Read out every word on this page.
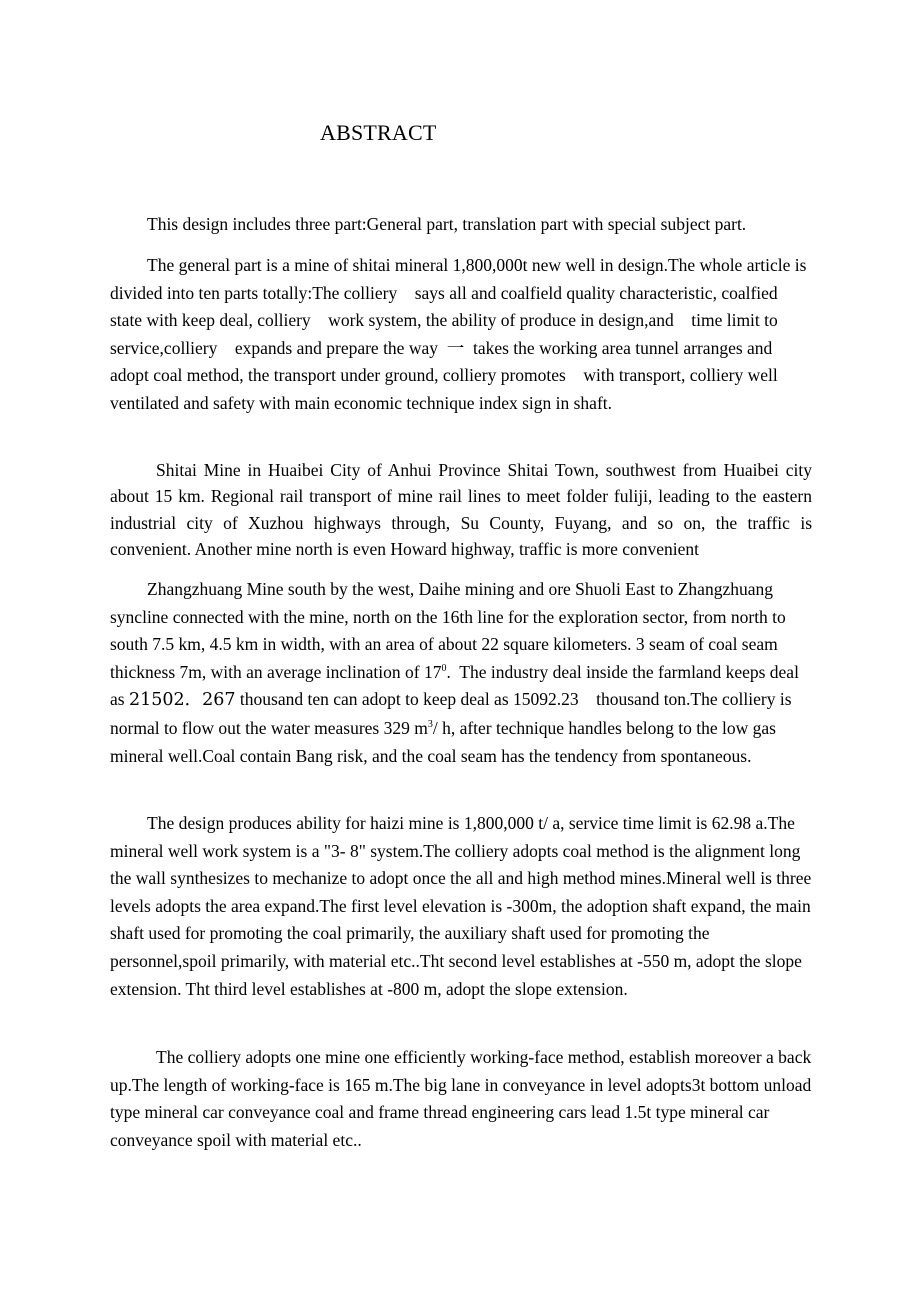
ABSTRACT

This design includes three part:General part, translation part with special subject part.

The general part is a mine of shitai mineral 1,800,000t new well in design.The whole article is divided into ten parts totally:The colliery    says all and coalfield quality characteristic, coalfied state with keep deal, colliery    work system, the ability of produce in design,and    time limit to service,colliery    expands and prepare the way  一  takes the working area tunnel arranges and adopt coal method, the transport under ground, colliery promotes    with transport, colliery well ventilated and safety with main economic technique index sign in shaft.

Shitai Mine in Huaibei City of Anhui Province Shitai Town, southwest from Huaibei city about 15 km. Regional rail transport of mine rail lines to meet folder fuliji, leading to the eastern industrial city of Xuzhou highways through, Su County, Fuyang, and so on, the traffic is convenient. Another mine north is even Howard highway, traffic is more convenient

Zhangzhuang Mine south by the west, Daihe mining and ore Shuoli East to Zhangzhuang syncline connected with the mine, north on the 16th line for the exploration sector, from north to south 7.5 km, 4.5 km in width, with an area of about 22 square kilometers. 3 seam of coal seam thickness 7m, with an average inclination of $17^0$.  The industry deal inside the farmland keeps deal as 21502．267 thousand ten can adopt to keep deal as 15092.23    thousand ton.The colliery is normal to flow out the water measures 329 $m^3/$ h, after technique handles belong to the low gas mineral well.Coal contain Bang risk, and the coal seam has the tendency from spontaneous.

The design produces ability for haizi mine is 1,800,000 t/ a, service time limit is 62.98 a.The mineral well work system is a "3- 8" system.The colliery adopts coal method is the alignment long the wall synthesizes to mechanize to adopt once the all and high method mines.Mineral well is three levels adopts the area expand.The first level elevation is -300m, the adoption shaft expand, the main shaft used for promoting the coal primarily, the auxiliary shaft used for promoting the personnel,spoil primarily, with material etc..Tht second level establishes at -550 m, adopt the slope extension. Tht third level establishes at -800 m, adopt the slope extension.

The colliery adopts one mine one efficiently working-face method, establish moreover a back up.The length of working-face is 165 m.The big lane in conveyance in level adopts3t bottom unload type mineral car conveyance coal and frame thread engineering cars lead 1.5t type mineral car conveyance spoil with material etc..
